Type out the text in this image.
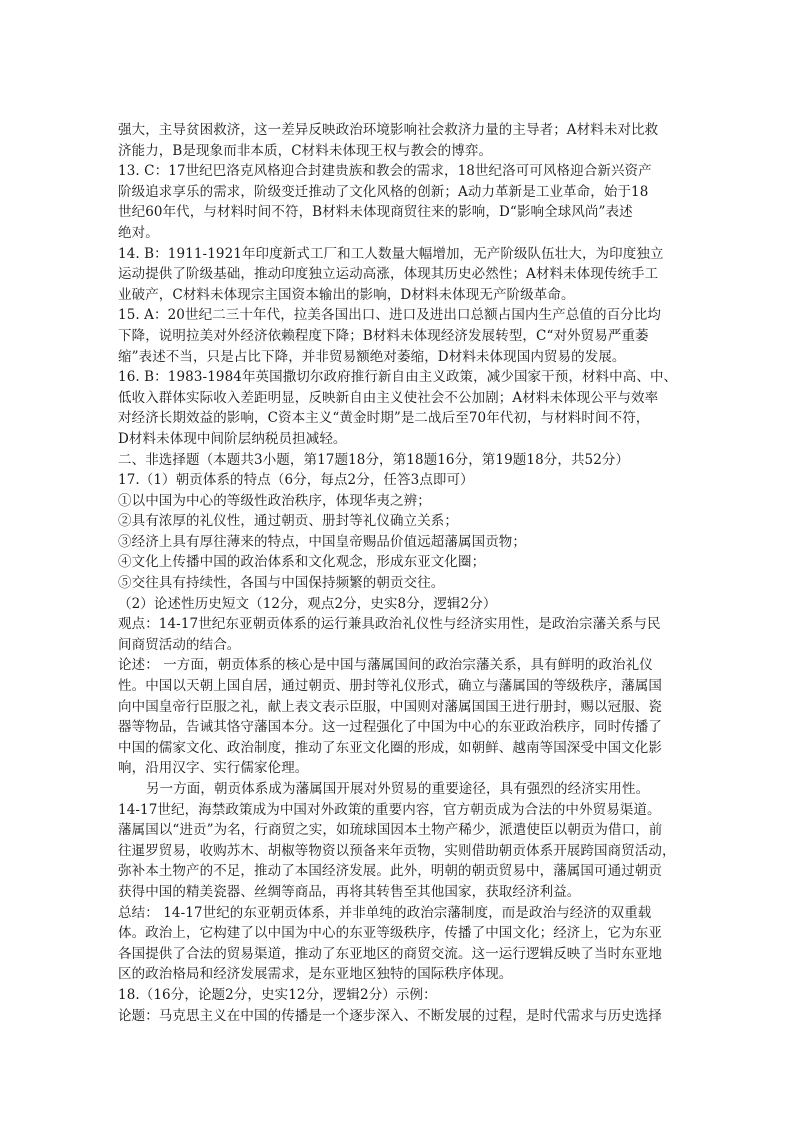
强大，主导贫困救济，这一差异反映政治环境影响社会救济力量的主导者；A材料未对比救
济能力，B是现象而非本质，C材料未体现王权与教会的博弈。
13. C：17世纪巴洛克风格迎合封建贵族和教会的需求，18世纪洛可可风格迎合新兴资产
阶级追求享乐的需求，阶级变迁推动了文化风格的创新；A动力革新是工业革命，始于18
世纪60年代，与材料时间不符，B材料未体现商贸往来的影响，D“影响全球风尚”表述
绝对。
14. B：1911-1921年印度新式工厂和工人数量大幅增加，无产阶级队伍壮大，为印度独立
运动提供了阶级基础，推动印度独立运动高涨，体现其历史必然性；A材料未体现传统手工
业破产，C材料未体现宗主国资本输出的影响，D材料未体现无产阶级革命。
15. A：20世纪二三十年代，拉美各国出口、进口及进出口总额占国内生产总值的百分比均
下降，说明拉美对外经济依赖程度下降；B材料未体现经济发展转型，C“对外贸易严重萎
缩”表述不当，只是占比下降，并非贸易额绝对萎缩，D材料未体现国内贸易的发展。
16. B：1983-1984年英国撒切尔政府推行新自由主义政策，减少国家干预，材料中高、中、
低收入群体实际收入差距明显，反映新自由主义使社会不公加剧；A材料未体现公平与效率
对经济长期效益的影响，C资本主义“黄金时期”是二战后至70年代初，与材料时间不符，
D材料未体现中间阶层纳税员担减轻。
二、非选择题（本题共3小题，第17题18分，第18题16分，第19题18分，共52分）
17.（1）朝贡体系的特点（6分，每点2分，任答3点即可）
①以中国为中心的等级性政治秩序，体现华夷之辨；
②具有浓厚的礼仪性，通过朝贡、册封等礼仪确立关系；
③经济上具有厚往薄来的特点，中国皇帝赐品价值远超藩属国贡物；
④文化上传播中国的政治体系和文化观念，形成东亚文化圈；
⑤交往具有持续性，各国与中国保持频繁的朝贡交往。
（2）论述性历史短文（12分，观点2分，史实8分，逻辑2分）
观点：14-17世纪东亚朝贡体系的运行兼具政治礼仪性与经济实用性，是政治宗藩关系与民
间商贸活动的结合。
论述： 一方面，朝贡体系的核心是中国与藩属国间的政治宗藩关系，具有鲜明的政治礼仪
性。中国以天朝上国自居，通过朝贡、册封等礼仪形式，确立与藩属国的等级秩序，藩属国
向中国皇帝行臣服之礼，献上表文表示臣服，中国则对藩属国国王进行册封，赐以冠服、瓷
器等物品，告诫其恪守藩国本分。这一过程强化了中国为中心的东亚政治秩序，同时传播了
中国的儒家文化、政治制度，推动了东亚文化圈的形成，如朝鲜、越南等国深受中国文化影
响，沿用汉字、实行儒家伦理。
另一方面，朝贡体系成为藩属国开展对外贸易的重要途径，具有强烈的经济实用性。
14-17世纪，海禁政策成为中国对外政策的重要内容，官方朝贡成为合法的中外贸易渠道。
藩属国以“进贡”为名，行商贸之实，如琉球国因本土物产稀少，派遣使臣以朝贡为借口，前
往暹罗贸易，收购苏木、胡椒等物资以预备来年贡物，实则借助朝贡体系开展跨国商贸活动，
弥补本土物产的不足，推动了本国经济发展。此外，明朝的朝贡贸易中，藩属国可通过朝贡
获得中国的精美瓷器、丝绸等商品，再将其转售至其他国家，获取经济利益。
总结： 14-17世纪的东亚朝贡体系，并非单纯的政治宗藩制度，而是政治与经济的双重载
体。政治上，它构建了以中国为中心的东亚等级秩序，传播了中国文化；经济上，它为东亚
各国提供了合法的贸易渠道，推动了东亚地区的商贸交流。这一运行逻辑反映了当时东亚地
区的政治格局和经济发展需求，是东亚地区独特的国际秩序体现。
18.（16分，论题2分，史实12分，逻辑2分）示例：
论题：马克思主义在中国的传播是一个逐步深入、不断发展的过程，是时代需求与历史选择
